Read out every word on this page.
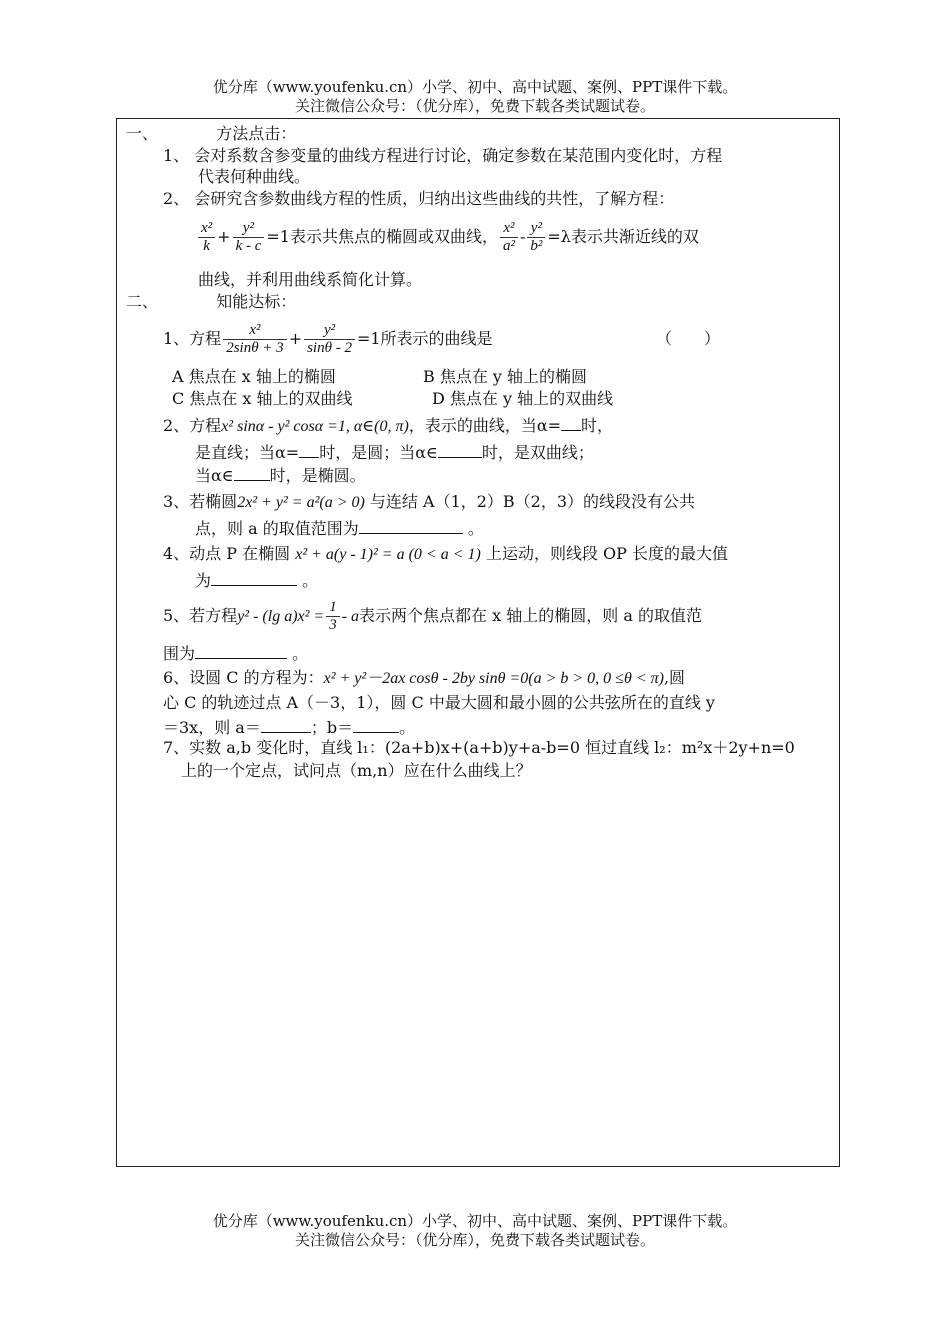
优分库（www.youfenku.cn）小学、初中、高中试题、案例、PPT课件下载。
关注微信公众号：（优分库），免费下载各类试题试卷。
一、	方法点击：
1、 会对系数含参变量的曲线方程进行讨论，确定参数在某范围内变化时，方程
代表何种曲线。
2、 会研究含参数曲线方程的性质，归纳出这些曲线的共性，了解方程：
$\frac{\text{x²}}{k} + \frac{\text{y²}}{k - c} =1$表示共焦点的椭圆或双曲线， $\frac{\text{x²}}{\text{a²}} - \frac{\text{y²}}{\text{b²}} =\lambda$表示共渐近线的双
曲线，并利用曲线系简化计算。
二、	知能达标：
1、方程 $\frac{\text{x²}}{2\sin\theta + 3} + \frac{\text{y²}}{\sin\theta - 2} =1$所表示的曲线是	（　　）
A 焦点在 x 轴上的椭圆	B 焦点在 y 轴上的椭圆
C 焦点在 x 轴上的双曲线	D 焦点在 y 轴上的双曲线
2、方程x² sinα - y² cosα =1, α∈(0, π)，表示的曲线，当α= 时，
是直线；当α= 时，是圆；当α∈	时，是双曲线；
当α∈ 时，是椭圆。
3、若椭圆2x² + y² = a²(a > 0) 与连结 A（1，2）B（2，3）的线段没有公共
点，则 a 的取值范围为	。
4、动点 P 在椭圆 x² + a(y - 1)² = a (0 < a < 1) 上运动，则线段 OP 长度的最大值
为	。
5、若方程y² - (lg $a)x^2 = \frac{1}{3} - a$表示两个焦点都在 x 轴上的椭圆，则 a 的取值范
围为	。
6、设圆 C 的方程为：x² + y²－2ax cosθ - 2by sinθ =0(a > b > 0, 0 ≤θ < π),圆
心 C 的轨迹过点 A（－3，1），圆 C 中最大圆和最小圆的公共弦所在的直线 y
＝3x，则 a＝	；b＝	。
7、实数 a,b 变化时，直线 l₁：(2a+b)x+(a+b)y+a-b=0 恒过直线 l₂：m²x＋2y+n=0
上的一个定点，试问点（m,n）应在什么曲线上？
优分库（www.youfenku.cn）小学、初中、高中试题、案例、PPT课件下载。
关注微信公众号：（优分库），免费下载各类试题试卷。
